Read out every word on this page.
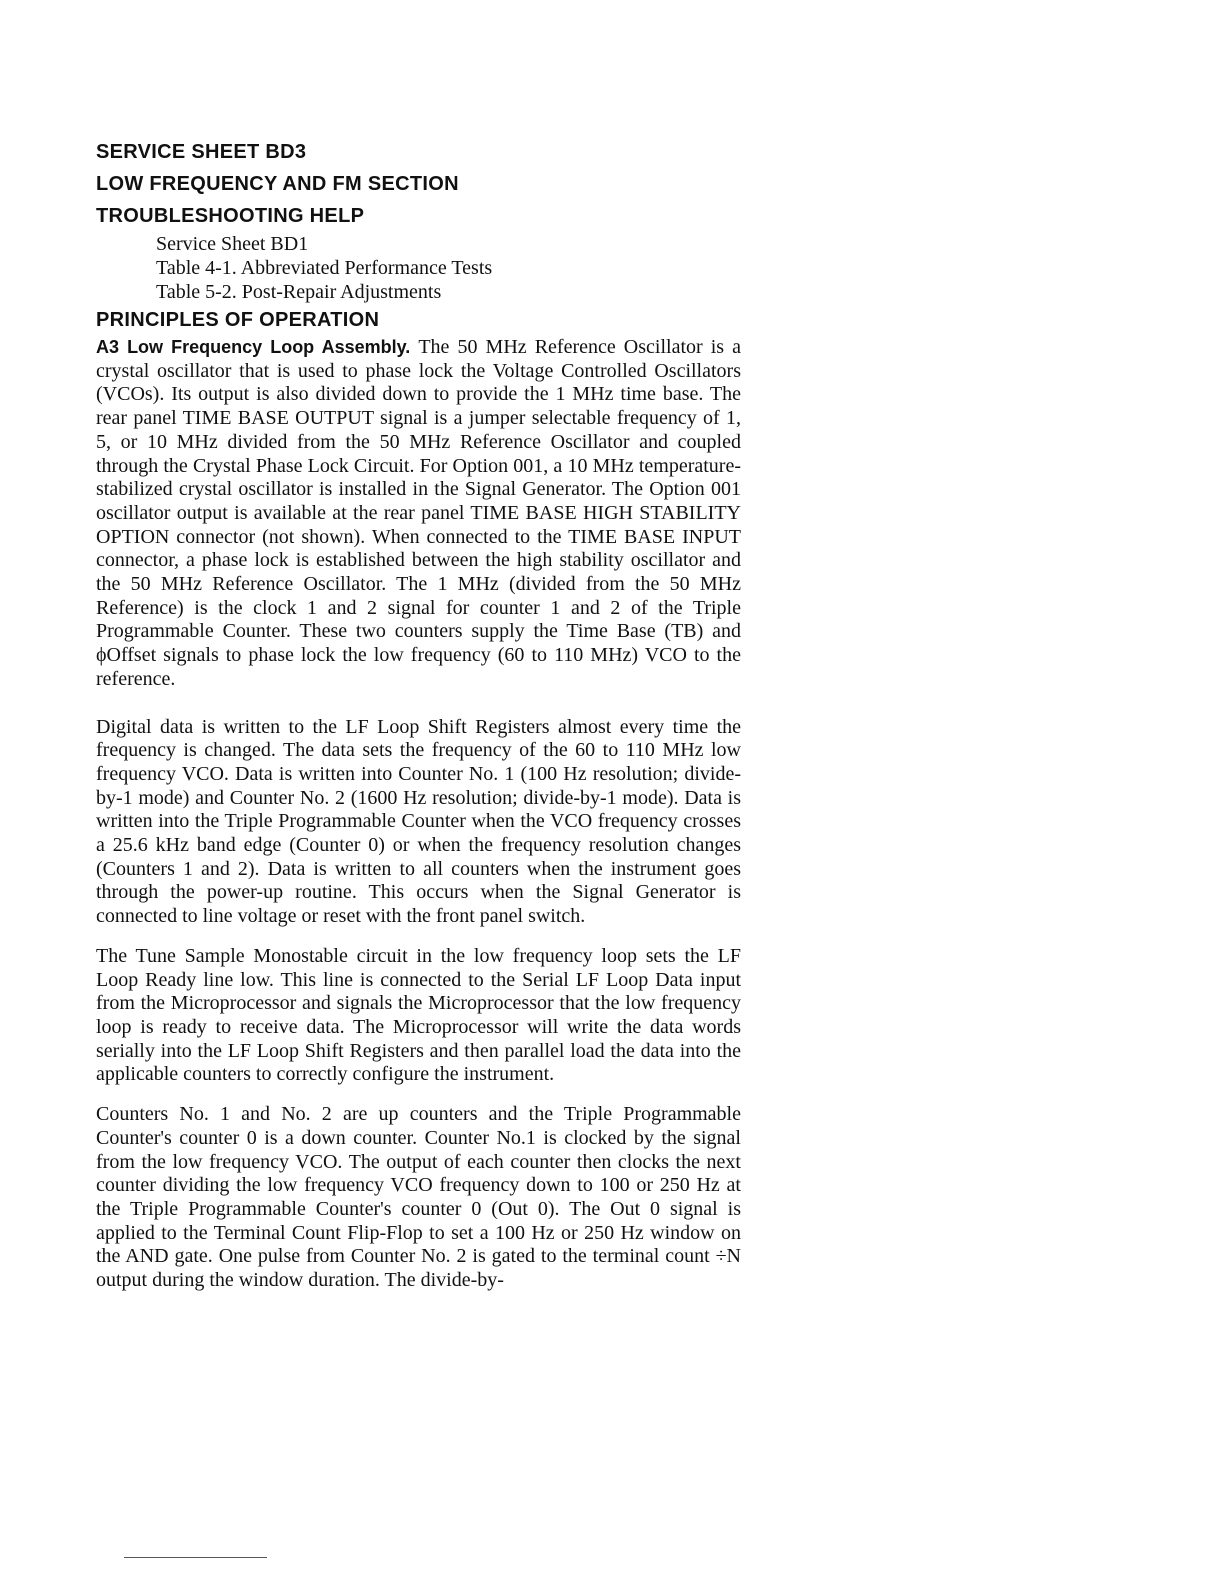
SERVICE SHEET BD3
LOW FREQUENCY AND FM SECTION
TROUBLESHOOTING HELP
Service Sheet BD1
Table 4-1. Abbreviated Performance Tests
Table 5-2. Post-Repair Adjustments
PRINCIPLES OF OPERATION

A3 Low Frequency Loop Assembly. The 50 MHz Reference Oscillator is a crystal oscillator that is used to phase lock the Voltage Controlled Oscillators (VCOs). Its output is also divided down to provide the 1 MHz time base. The rear panel TIME BASE OUTPUT signal is a jumper selectable frequency of 1, 5, or 10 MHz divided from the 50 MHz Reference Oscillator and coupled through the Crystal Phase Lock Circuit. For Option 001, a 10 MHz temperature-stabilized crystal oscillator is installed in the Signal Generator. The Option 001 oscillator output is available at the rear panel TIME BASE HIGH STABILITY OPTION connector (not shown). When connected to the TIME BASE INPUT connector, a phase lock is established between the high stability oscillator and the 50 MHz Reference Oscillator. The 1 MHz (divided from the 50 MHz Reference) is the clock 1 and 2 signal for counter 1 and 2 of the Triple Programmable Counter. These two counters supply the Time Base (TB) and ϕOffset signals to phase lock the low frequency (60 to 110 MHz) VCO to the reference.

Digital data is written to the LF Loop Shift Registers almost every time the frequency is changed. The data sets the frequency of the 60 to 110 MHz low frequency VCO. Data is written into Counter No. 1 (100 Hz resolution; divide-by-1 mode) and Counter No. 2 (1600 Hz resolution; divide-by-1 mode). Data is written into the Triple Programmable Counter when the VCO frequency crosses a 25.6 kHz band edge (Counter 0) or when the frequency resolution changes (Counters 1 and 2). Data is written to all counters when the instrument goes through the power-up routine. This occurs when the Signal Generator is connected to line voltage or reset with the front panel switch.

The Tune Sample Monostable circuit in the low frequency loop sets the LF Loop Ready line low. This line is connected to the Serial LF Loop Data input from the Microprocessor and signals the Microprocessor that the low frequency loop is ready to receive data. The Microprocessor will write the data words serially into the LF Loop Shift Registers and then parallel load the data into the applicable counters to correctly configure the instrument.

Counters No. 1 and No. 2 are up counters and the Triple Programmable Counter's counter 0 is a down counter. Counter No.1 is clocked by the signal from the low frequency VCO. The output of each counter then clocks the next counter dividing the low frequency VCO frequency down to 100 or 250 Hz at the Triple Programmable Counter's counter 0 (Out 0). The Out 0 signal is applied to the Terminal Count Flip-Flop to set a 100 Hz or 250 Hz window on the AND gate. One pulse from Counter No. 2 is gated to the terminal count ÷N output during the window duration. The divide-by-
